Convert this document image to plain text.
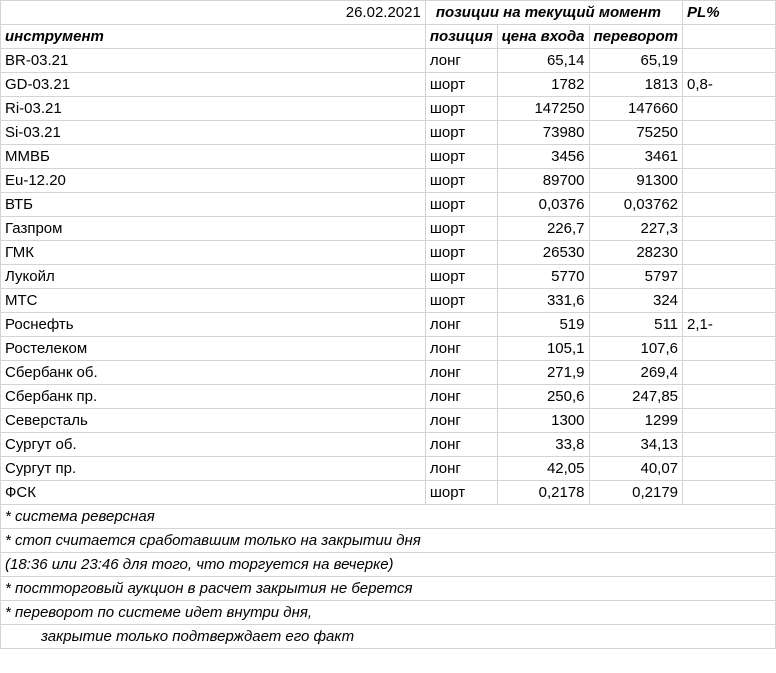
26.02.2021	позиции на текущий момент			PL%
инструмент	позиция	цена входа	переворот	
BR-03.21	лонг	65,14	65,19	
GD-03.21	шорт	1782	1813	0,8-
Ri-03.21	шорт	147250	147660	
Si-03.21	шорт	73980	75250	
ММВБ	шорт	3456	3461	
Eu-12.20	шорт	89700	91300	
ВТБ	шорт	0,0376	0,03762	
Газпром	шорт	226,7	227,3	
ГМК	шорт	26530	28230	
Лукойл	шорт	5770	5797	
МТС	шорт	331,6	324	
Роснефть	лонг	519	511	2,1-
Ростелеком	лонг	105,1	107,6	
Сбербанк об.	лонг	271,9	269,4	
Сбербанк пр.	лонг	250,6	247,85	
Северсталь	лонг	1300	1299	
Сургут об.	лонг	33,8	34,13	
Сургут пр.	лонг	42,05	40,07	
ФСК	шорт	0,2178	0,2179	
* система реверсная				
* стоп считается сработавшим только на закрытии дня				
(18:36 или 23:46 для того, что торгуется на вечерке)				
* постторговый аукцион в расчет закрытия не берется				
* переворот по системе идет внутри дня,				
закрытие только подтверждает его факт				
